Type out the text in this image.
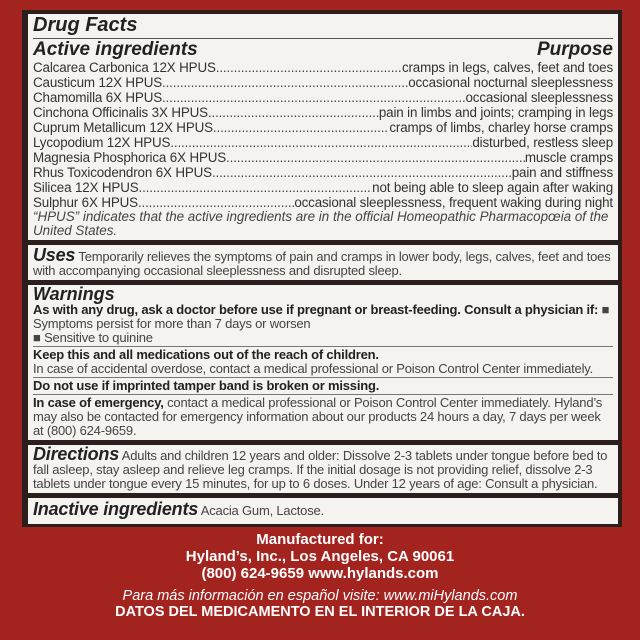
Drug Facts
Active ingredients	Purpose
Calcarea Carbonica 12X HPUS .....	cramps in legs, calves, feet and toes
Causticum 12X HPUS .....	occasional nocturnal sleeplessness
Chamomilla 6X HPUS .....	occasional sleeplessness
Cinchona Officinalis 3X HPUS .....	pain in limbs and joints; cramping in legs
Cuprum Metallicum 12X HPUS .....	cramps of limbs, charley horse cramps
Lycopodium 12X HPUS .....	disturbed, restless sleep
Magnesia Phosphorica 6X HPUS .....	muscle cramps
Rhus Toxicodendron 6X HPUS .....	pain and stiffness
Silicea 12X HPUS .....	not being able to sleep again after waking
Sulphur 6X HPUS .....	occasional sleeplessness, frequent waking during night
“HPUS” indicates that the active ingredients are in the official Homeopathic Pharmacopœia of the United States.
Uses Temporarily relieves the symptoms of pain and cramps in lower body, legs, calves, feet and toes with accompanying occasional sleeplessness and disrupted sleep.
Warnings
As with any drug, ask a doctor before use if pregnant or breast-feeding. Consult a physician if: ■ Symptoms persist for more than 7 days or worsen
■ Sensitive to quinine
Keep this and all medications out of the reach of children.
In case of accidental overdose, contact a medical professional or Poison Control Center immediately.
Do not use if imprinted tamper band is broken or missing.
In case of emergency, contact a medical professional or Poison Control Center immediately. Hyland’s may also be contacted for emergency information about our products 24 hours a day, 7 days per week at (800) 624-9659.
Directions Adults and children 12 years and older: Dissolve 2-3 tablets under tongue before bed to fall asleep, stay asleep and relieve leg cramps. If the initial dosage is not providing relief, dissolve 2-3 tablets under tongue every 15 minutes, for up to 6 doses. Under 12 years of age: Consult a physician.
Inactive ingredients Acacia Gum, Lactose.
Manufactured for:
Hyland’s, Inc., Los Angeles, CA 90061
(800) 624-9659 www.hylands.com
Para más información en español visite: www.miHylands.com
DATOS DEL MEDICAMENTO EN EL INTERIOR DE LA CAJA.
